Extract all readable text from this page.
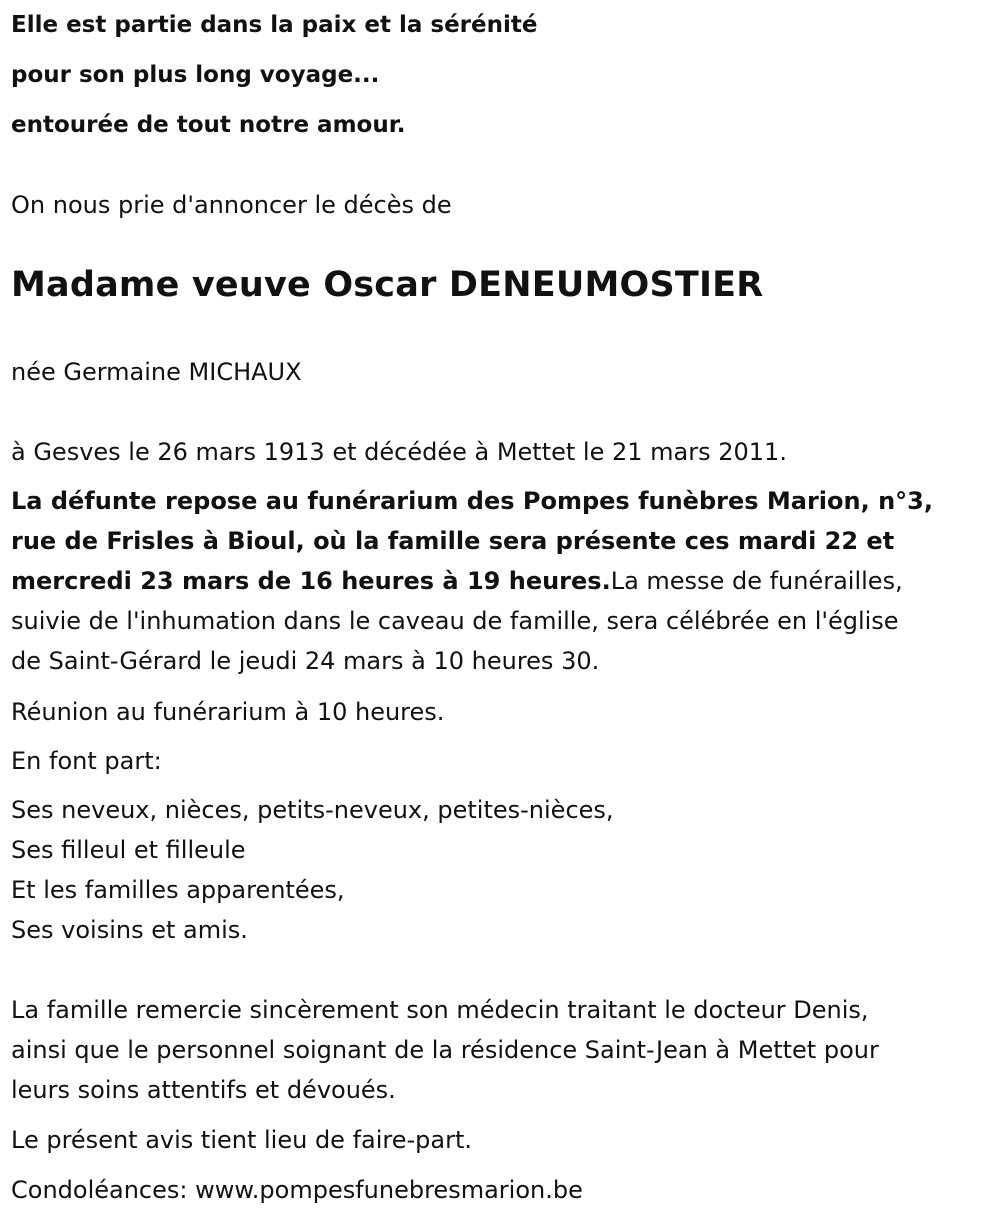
Elle est partie dans la paix et la sérénité
pour son plus long voyage...
entourée de tout notre amour.
On nous prie d'annoncer le décès de
Madame veuve Oscar DENEUMOSTIER
née Germaine MICHAUX
à Gesves le 26 mars 1913 et décédée à Mettet le 21 mars 2011.
La défunte repose au funérarium des Pompes funèbres Marion, n°3,
rue de Frisles à Bioul, où la famille sera présente ces mardi 22 et
mercredi 23 mars de 16 heures à 19 heures.La messe de funérailles,
suivie de l'inhumation dans le caveau de famille, sera célébrée en l'église
de Saint-Gérard le jeudi 24 mars à 10 heures 30.
Réunion au funérarium à 10 heures.
En font part:
Ses neveux, nièces, petits-neveux, petites-nièces,
Ses filleul et filleule
Et les familles apparentées,
Ses voisins et amis.
La famille remercie sincèrement son médecin traitant le docteur Denis,
ainsi que le personnel soignant de la résidence Saint-Jean à Mettet pour
leurs soins attentifs et dévoués.
Le présent avis tient lieu de faire-part.
Condoléances: www.pompesfunebresmarion.be
